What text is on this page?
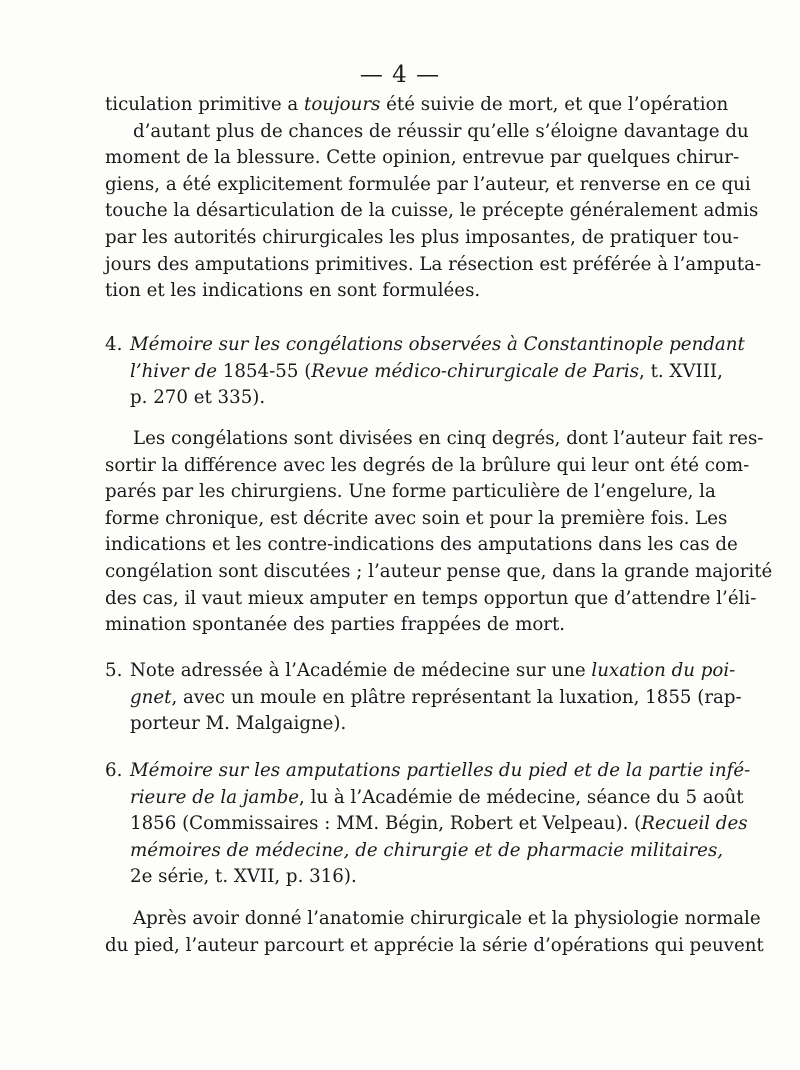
— 4 —
ticulation primitive a toujours été suivie de mort, et que l’opération
d’autant plus de chances de réussir qu’elle s’éloigne davantage du
moment de la blessure. Cette opinion, entrevue par quelques chirur-
giens, a été explicitement formulée par l’auteur, et renverse en ce qui
touche la désarticulation de la cuisse, le précepte généralement admis
par les autorités chirurgicales les plus imposantes, de pratiquer tou-
jours des amputations primitives. La résection est préférée à l’amputa-
tion et les indications en sont formulées.
4. Mémoire sur les congélations observées à Constantinople pendant
l’hiver de 1854-55 (Revue médico-chirurgicale de Paris, t. XVIII,
p. 270 et 335).
Les congélations sont divisées en cinq degrés, dont l’auteur fait res-
sortir la différence avec les degrés de la brûlure qui leur ont été com-
parés par les chirurgiens. Une forme particulière de l’engelure, la
forme chronique, est décrite avec soin et pour la première fois. Les
indications et les contre-indications des amputations dans les cas de
congélation sont discutées ; l’auteur pense que, dans la grande majorité
des cas, il vaut mieux amputer en temps opportun que d’attendre l’éli-
mination spontanée des parties frappées de mort.
5. Note adressée à l’Académie de médecine sur une luxation du poi-
gnet, avec un moule en plâtre représentant la luxation, 1855 (rap-
porteur M. Malgaigne).
6. Mémoire sur les amputations partielles du pied et de la partie infé-
rieure de la jambe, lu à l’Académie de médecine, séance du 5 août
1856 (Commissaires : MM. Bégin, Robert et Velpeau). (Recueil des
mémoires de médecine, de chirurgie et de pharmacie militaires,
2e série, t. XVII, p. 316).
Après avoir donné l’anatomie chirurgicale et la physiologie normale
du pied, l’auteur parcourt et apprécie la série d’opérations qui peuvent
